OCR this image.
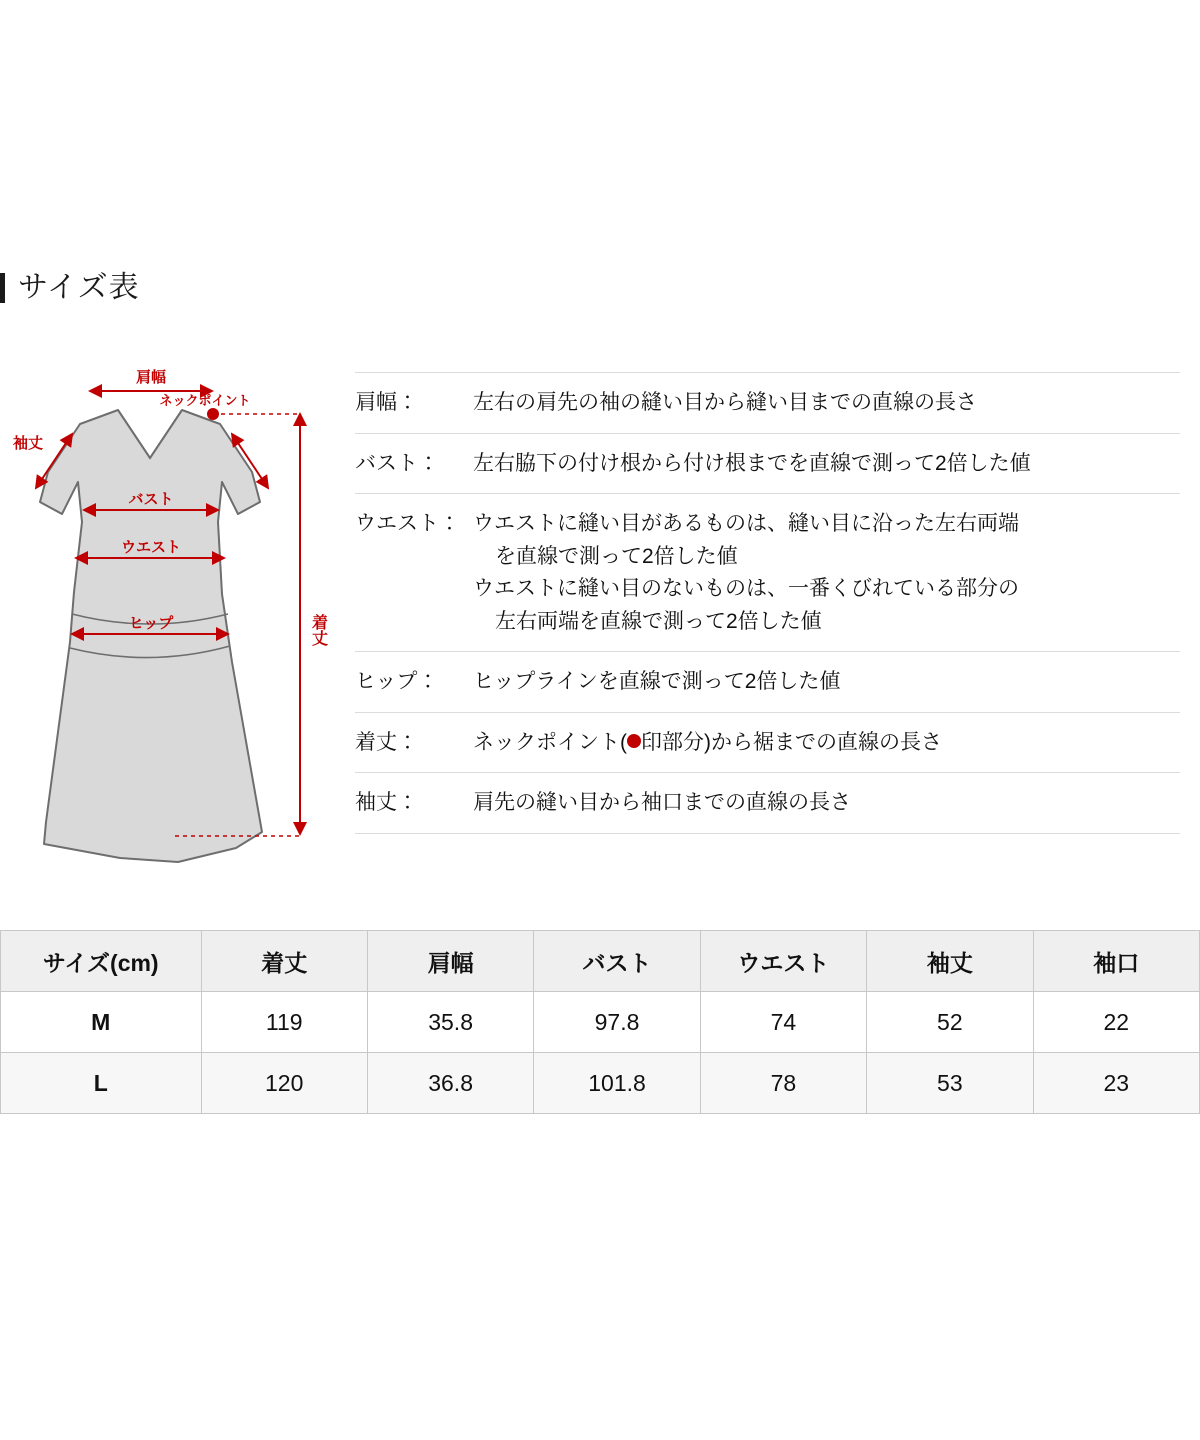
サイズ表
肩幅
ネックポイント
袖丈
バスト
ウエスト
ヒップ	着丈
肩幅：	左右の肩先の袖の縫い目から縫い目までの直線の長さ
バスト：	左右脇下の付け根から付け根までを直線で測って2倍した値
ウエスト： ウエストに縫い目があるものは、縫い目に沿った左右両端
を直線で測って2倍した値
ウエストに縫い目のないものは、一番くびれている部分の
左右両端を直線で測って2倍した値
ヒップ：	ヒップラインを直線で測って2倍した値
着丈：	ネックポイント( 印部分)から裾までの直線の長さ
袖丈：	肩先の縫い目から袖口までの直線の長さ
サイズ(cm)	着丈	肩幅	バスト	ウエスト	袖丈	袖口
M	119	35.8	97.8	74	52	22
L	120	36.8	101.8	78	53	23
